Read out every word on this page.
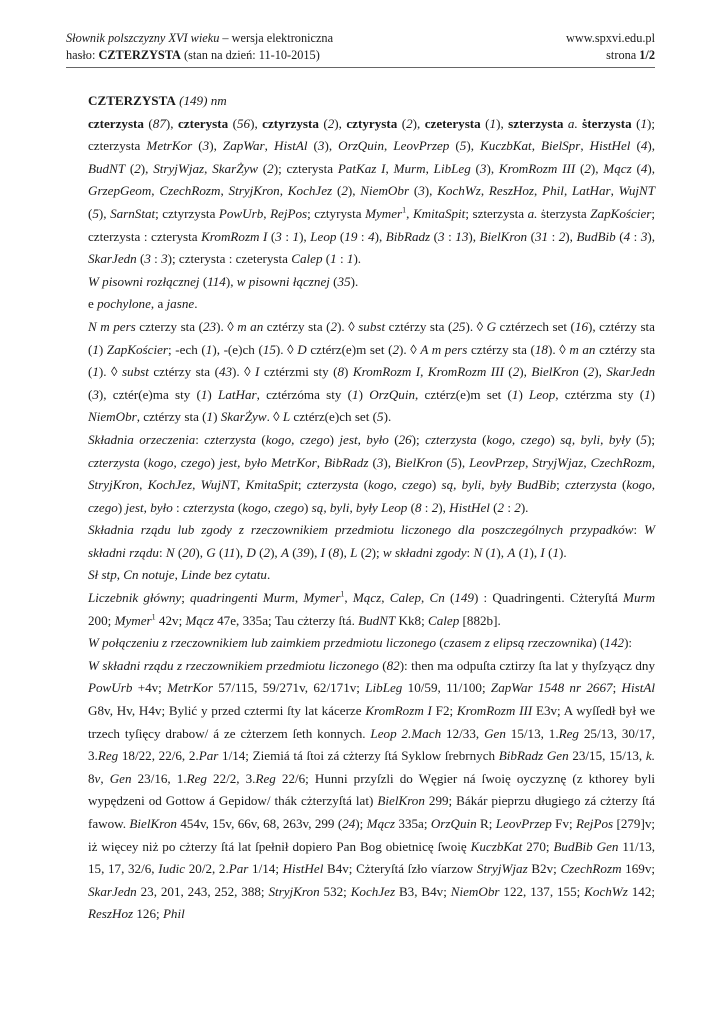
Słownik polszczyzny XVI wieku – wersja elektroniczna	www.spxvi.edu.pl
hasło: CZTERZYSTA (stan na dzień: 11-10-2015)	strona 1/2

CZTERZYSTA (149) nm

czterzysta (87), czterysta (56), cztyrzysta (2), cztyrysta (2), czeterysta (1), szterzysta a. ṡterzysta (1); czterzysta MetrKor (3), ZapWar, HistAl (3), OrzQuin, LeovPrzep (5), KuczbKat, BielSpr, HistHel (4), BudNT (2), StryjWjaz, SkarŻyw (2); czterysta PatKaz I, Murm, LibLeg (3), KromRozm III (2), Mącz (4), GrzepGeom, CzechRozm, StryjKron, KochJez (2), NiemObr (3), KochWz, ReszHoz, Phil, LatHar, WujNT (5), SarnStat; cztyrzysta PowUrb, RejPos; cztyrysta Mymer$^1$, KmitaSpit; szterzysta a. ṡterzysta ZapKościer; czterzysta : czterysta KromRozm I (3 : 1), Leop (19 : 4), BibRadz (3 : 13), BielKron (31 : 2), BudBib (4 : 3), SkarJedn (3 : 3); czterysta : czeterysta Calep (1 : 1).

W pisowni rozłącznej (114), w pisowni łącznej (35).

e pochylone, a jasne.

N m pers czterzy sta (23). ◊ m an cztérzy sta (2). ◊ subst cztérzy sta (25). ◊ G cztérzech set (16), cztérzy sta (1) ZapKościer; -ech (1), -(e)ch (15). ◊ D cztérz(e)m set (2). ◊ A m pers cztérzy sta (18). ◊ m an cztérzy sta (1). ◊ subst cztérzy sta (43). ◊ I cztérzmi sty (8) KromRozm I, KromRozm III (2), BielKron (2), SkarJedn (3), cztér(e)ma sty (1) LatHar, cztérzóma sty (1) OrzQuin, cztérz(e)m set (1) Leop, cztérzma sty (1) NiemObr, cztérzy sta (1) SkarŻyw. ◊ L cztérz(e)ch set (5).

Składnia orzeczenia: czterzysta (kogo, czego) jest, było (26); czterzysta (kogo, czego) są, byli, były (5); czterzysta (kogo, czego) jest, było MetrKor, BibRadz (3), BielKron (5), LeovPrzep, StryjWjaz, CzechRozm, StryjKron, KochJez, WujNT, KmitaSpit; czterzysta (kogo, czego) są, byli, były BudBib; czterzysta (kogo, czego) jest, było : czterzysta (kogo, czego) są, byli, były Leop (8 : 2), HistHel (2 : 2).

Składnia rządu lub zgody z rzeczownikiem przedmiotu liczonego dla poszczególnych przypadków: W składni rządu: N (20), G (11), D (2), A (39), I (8), L (2); w składni zgody: N (1), A (1), I (1).

Sł stp, Cn notuje, Linde bez cytatu.

Liczebnik główny; quadringenti Murm, Mymer$^1$, Mącz, Calep, Cn (149) : Quadringenti. Cżteryſtá Murm 200; Mymer$^1$ 42v; Mącz 47e, 335a; Tau cżterzy ſtá. BudNT Kk8; Calep [882b].

W połączeniu z rzeczownikiem lub zaimkiem przedmiotu liczonego (czasem z elipsą rzeczownika) (142):

W składni rządu z rzeczownikiem przedmiotu liczonego (82): then ma odpuſta cztirzy ſta lat y thyſzyącz dny PowUrb +4v; MetrKor 57/115, 59/271v, 62/171v; LibLeg 10/59, 11/100; ZapWar 1548 nr 2667; HistAl G8v, Hv, H4v; Bylić y przed cztermi ſty lat kácerze KromRozm I F2; KromRozm III E3v; A wyſſedł był we trzech tyſięcy drabow/ á ze cżterzem ſeth konnych. Leop 2.Mach 12/33, Gen 15/13, 1.Reg 25/13, 30/17, 3.Reg 18/22, 22/6, 2.Par 1/14; Ziemiá tá ſtoi zá cżterzy ſtá Syklow ſrebrnych BibRadz Gen 23/15, 15/13, k. 8v, Gen 23/16, 1.Reg 22/2, 3.Reg 22/6; Hunni przyſzli do Węgier ná ſwoię oyczyznę (z kthorey byli wypędzeni od Gottow á Gepidow/ thák cżterzyſtá lat) BielKron 299; Bákár pieprzu długiego zá cżterzy ſtá fawow. BielKron 454v, 15v, 66v, 68, 263v, 299 (24); Mącz 335a; OrzQuin R; LeovPrzep Fv; RejPos [279]v; iż więcey niż po cżterzy ſtá lat ſpełnił dopiero Pan Bog obietnicę ſwoię KuczbKat 270; BudBib Gen 11/13, 15, 17, 32/6, Iudic 20/2, 2.Par 1/14; HistHel B4v; Cżteryſtá ſzło víarzow StryjWjaz B2v; CzechRozm 169v; SkarJedn 23, 201, 243, 252, 388; StryjKron 532; KochJez B3, B4v; NiemObr 122, 137, 155; KochWz 142; ReszHoz 126; Phil
